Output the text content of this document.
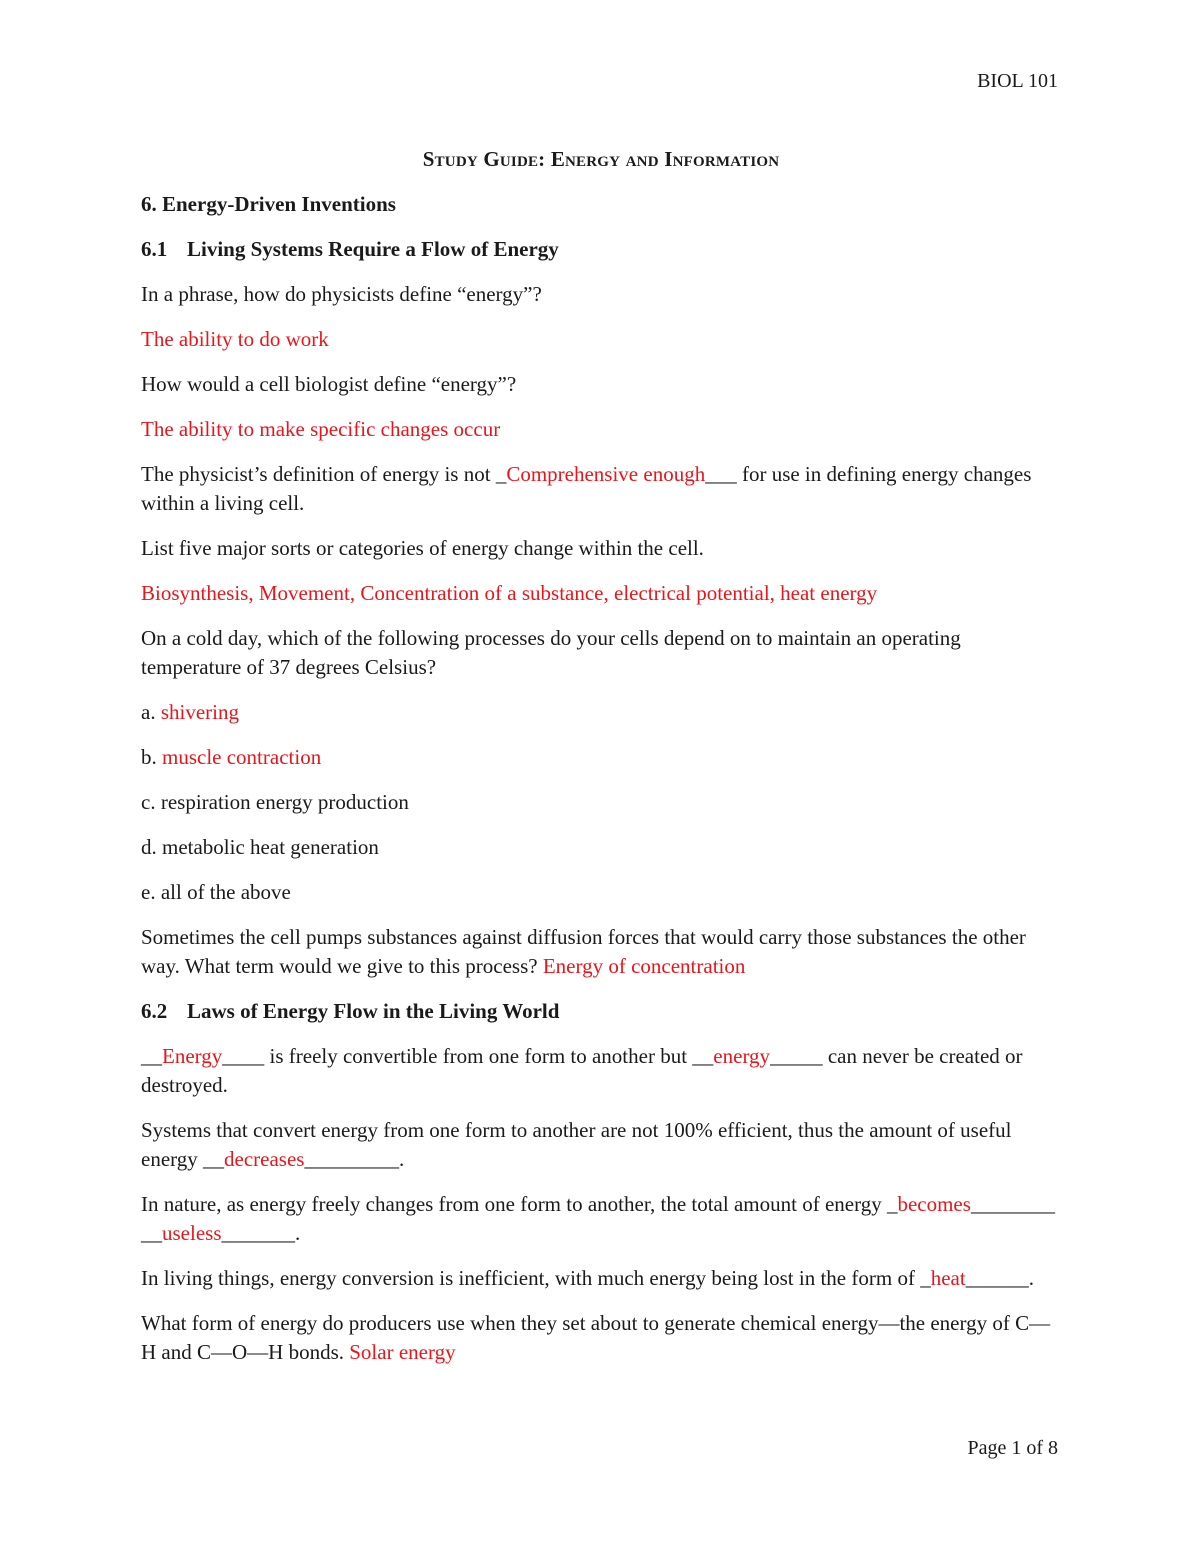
BIOL 101
Study Guide: Energy and Information
6. Energy-Driven Inventions
6.1 Living Systems Require a Flow of Energy

In a phrase, how do physicists define “energy”?

The ability to do work

How would a cell biologist define “energy”?

The ability to make specific changes occur

The physicist’s definition of energy is not _Comprehensive enough___ for use in defining energy changes within a living cell.

List five major sorts or categories of energy change within the cell.

Biosynthesis, Movement, Concentration of a substance, electrical potential, heat energy

On a cold day, which of the following processes do your cells depend on to maintain an operating temperature of 37 degrees Celsius?

a. shivering

b. muscle contraction

c. respiration energy production

d. metabolic heat generation

e. all of the above

Sometimes the cell pumps substances against diffusion forces that would carry those substances the other way. What term would we give to this process? Energy of concentration

6.2 Laws of Energy Flow in the Living World

__Energy____ is freely convertible from one form to another but __energy_____ can never be created or destroyed.

Systems that convert energy from one form to another are not 100% efficient, thus the amount of useful energy __decreases_________.

In nature, as energy freely changes from one form to another, the total amount of energy _becomes________ __useless_______.

In living things, energy conversion is inefficient, with much energy being lost in the form of _heat______.

What form of energy do producers use when they set about to generate chemical energy—the energy of C—H and C—O—H bonds. Solar energy

Page 1 of 8
